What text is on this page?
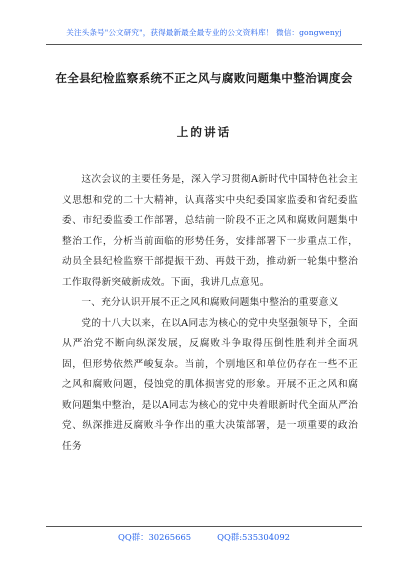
关注头条号"公文研究"，获得最新最全最专业的公文资料库！ 微信：gongwenyj
在全县纪检监察系统不正之风与腐败问题集中整治调度会
上的讲话

这次会议的主要任务是，深入学习贯彻A新时代中国特色社会主义思想和党的二十大精神，认真落实中央纪委国家监委和省纪委监委、市纪委监委工作部署，总结前一阶段不正之风和腐败问题集中整治工作，分析当前面临的形势任务，安排部署下一步重点工作，动员全县纪检监察干部提振干劲、再鼓干劲，推动新一轮集中整治工作取得新突破新成效。下面，我讲几点意见。

一、充分认识开展不正之风和腐败问题集中整治的重要意义

党的十八大以来，在以A同志为核心的党中央坚强领导下，全面从严治党不断向纵深发展，反腐败斗争取得压倒性胜利并全面巩固，但形势依然严峻复杂。当前，个别地区和单位仍存在一些不正之风和腐败问题，侵蚀党的肌体损害党的形象。开展不正之风和腐败问题集中整治，是以A同志为核心的党中央着眼新时代全面从严治党、纵深推进反腐败斗争作出的重大决策部署，是一项重要的政治任务

QQ群：30265665	QQ群:535304092
